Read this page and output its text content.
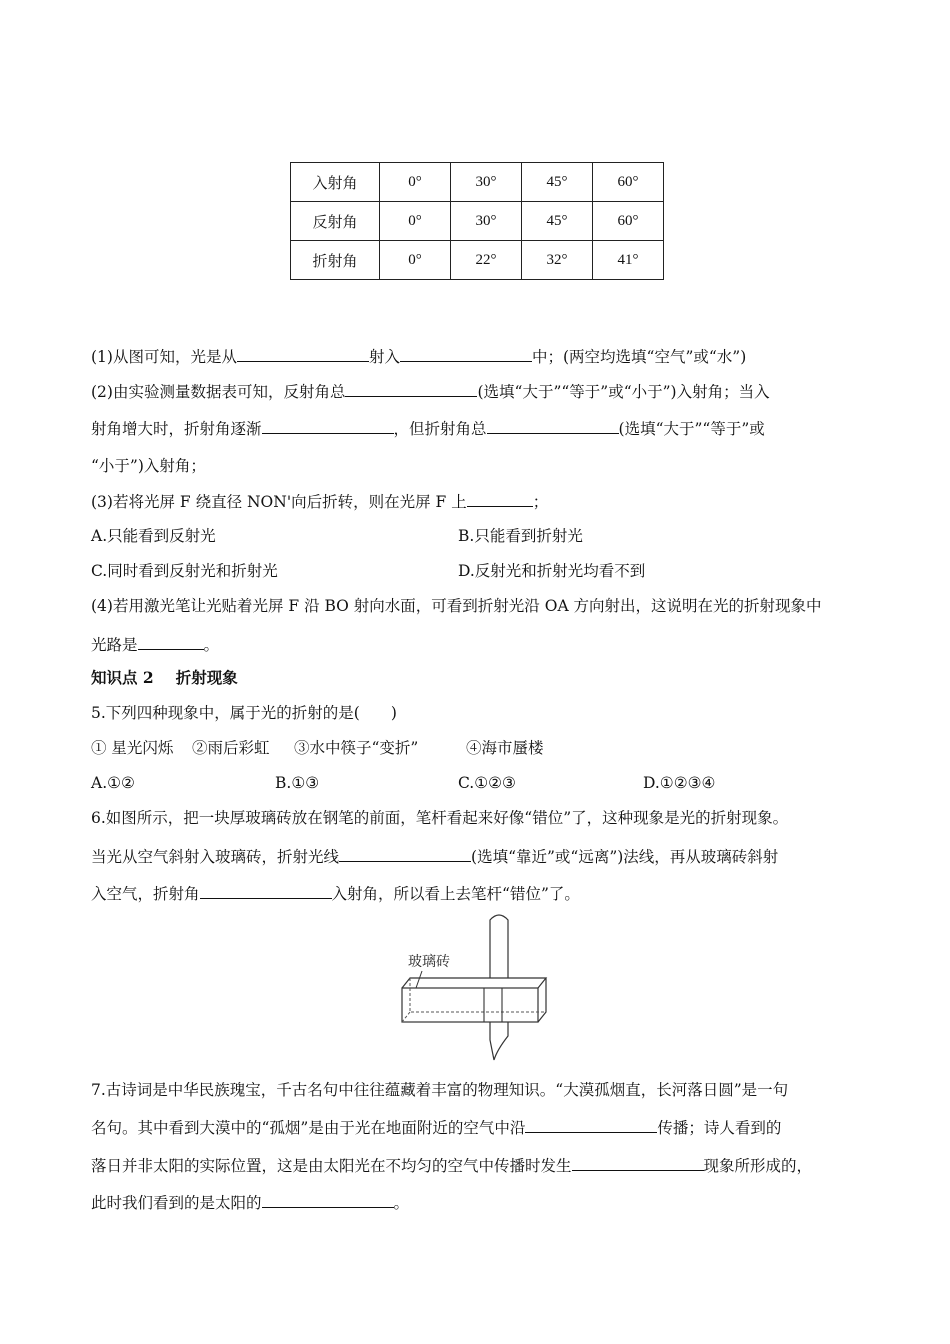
入射角	0°	30°	45°	60°
反射角	0°	30°	45°	60°
折射角	0°	22°	32°	41°
(1)从图可知，光是从	射入	中；(两空均选填“空气”或“水”)
(2)由实验测量数据表可知，反射角总	(选填“大于”“等于”或“小于”)入射角；当入
射角增大时，折射角逐渐	，但折射角总	(选填“大于”“等于”或
“小于”)入射角；
(3)若将光屏 F 绕直径 NON'向后折转，则在光屏 F 上	；
A.只能看到反射光	B.只能看到折射光
C.同时看到反射光和折射光	D.反射光和折射光均看不到
(4)若用激光笔让光贴着光屏 F 沿 BO 射向水面，可看到折射光沿 OA 方向射出，这说明在光的折射现象中
光路是	。
知识点 2 折射现象
5.下列四种现象中，属于光的折射的是(　　)
① 星光闪烁 ②雨后彩虹 ③水中筷子“变折”	④海市蜃楼
A.①②	B.①③	C.①②③	D.①②③④
6.如图所示，把一块厚玻璃砖放在钢笔的前面，笔杆看起来好像“错位”了，这种现象是光的折射现象。
当光从空气斜射入玻璃砖，折射光线	(选填“靠近”或“远离”)法线，再从玻璃砖斜射
入空气，折射角	入射角，所以看上去笔杆“错位”了。
玻璃砖
7.古诗词是中华民族瑰宝，千古名句中往往蕴藏着丰富的物理知识。“大漠孤烟直，长河落日圆”是一句
名句。其中看到大漠中的“孤烟”是由于光在地面附近的空气中沿	传播；诗人看到的
落日并非太阳的实际位置，这是由太阳光在不均匀的空气中传播时发生	现象所形成的，
此时我们看到的是太阳的	。
